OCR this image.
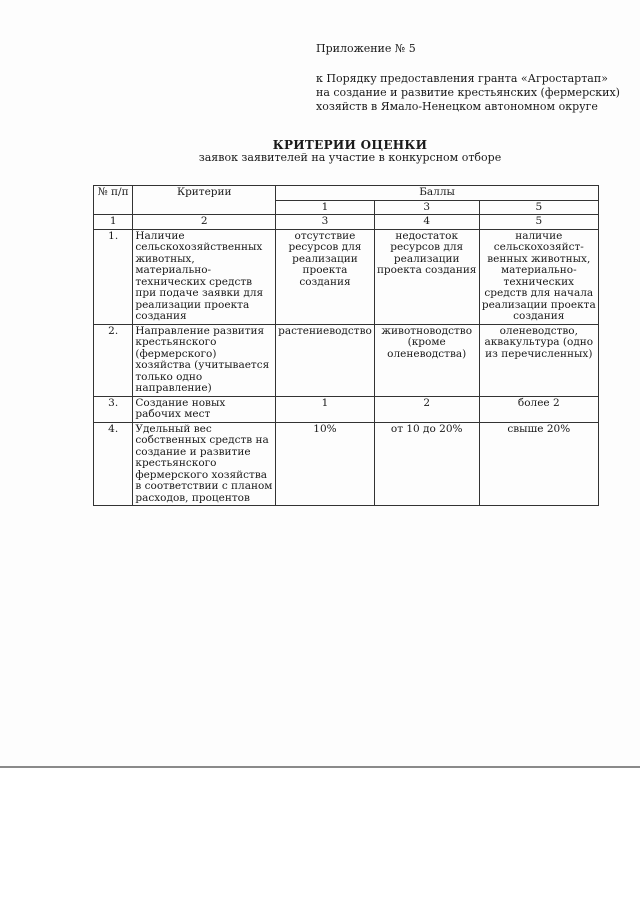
Приложение № 5
к Порядку предоставления гранта «Агростартап»
на создание и развитие крестьянских (фермерских)
хозяйств в Ямало-Ненецком автономном округе
КРИТЕРИИ ОЦЕНКИ
заявок заявителей на участие в конкурсном отборе
№ п/п	Критерии	Баллы		
		1	3	5
1	2	3	4	5
1.	Наличие сельскохозяйственных животных, материально-технических средств при подаче заявки для реализации проекта создания	отсутствие ресурсов для реализации проекта создания	недостаток ресурсов для реализации проекта создания	наличие сельскохозяйст-венных животных, материально-технических средств для начала реализации проекта создания
2.	Направление развития крестьянского (фермерского) хозяйства (учитывается только одно направление)	растениеводство	животноводство (кроме оленеводства)	оленеводство, аквакультура (одно из перечисленных)
3.	Создание новых рабочих мест	1	2	более 2
4.	Удельный вес собственных средств на создание и развитие крестьянского фермерского хозяйства в соответствии с планом расходов, процентов	10%	от 10 до 20%	свыше 20%
